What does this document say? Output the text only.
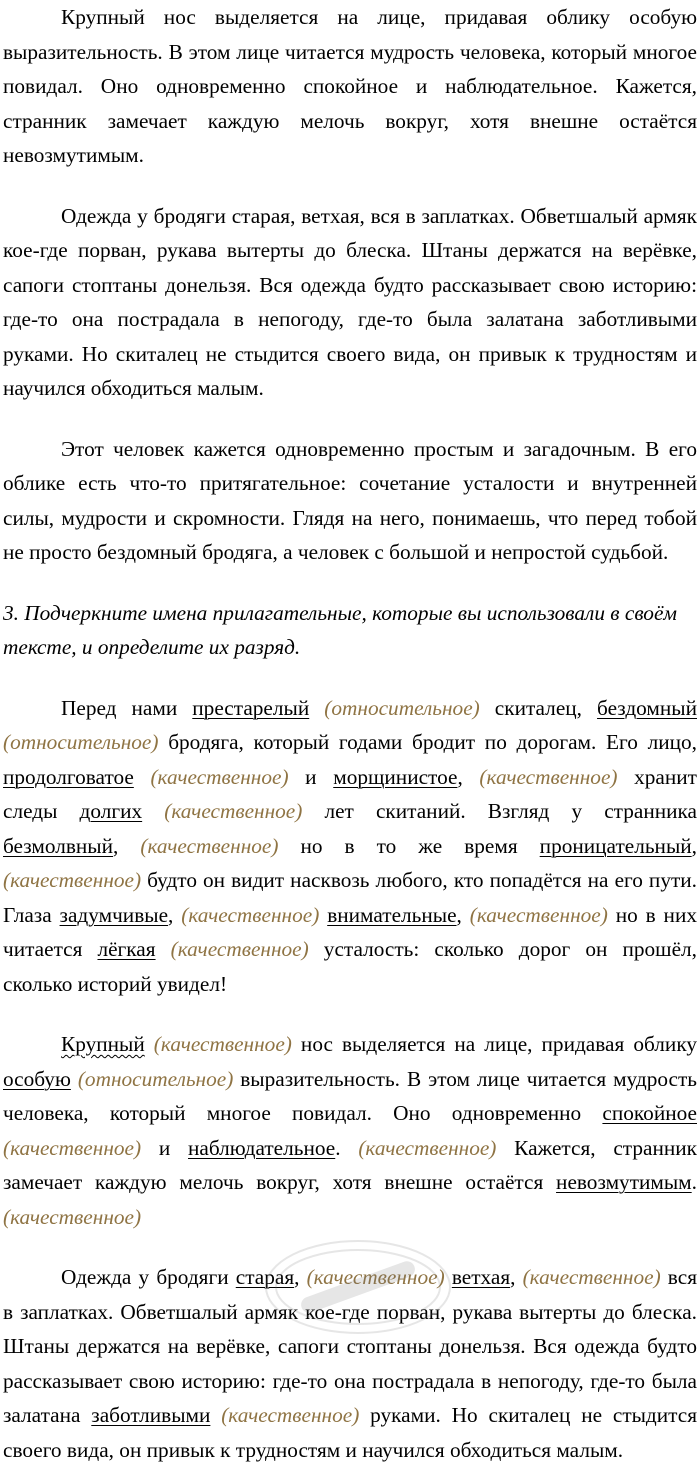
Крупный нос выделяется на лице, придавая облику особую выразительность. В этом лице читается мудрость человека, который многое повидал. Оно одновременно спокойное и наблюдательное. Кажется, странник замечает каждую мелочь вокруг, хотя внешне остаётся невозмутимым.

Одежда у бродяги старая, ветхая, вся в заплатках. Обветшалый армяк кое-где порван, рукава вытерты до блеска. Штаны держатся на верёвке, сапоги стоптаны донельзя. Вся одежда будто рассказывает свою историю: где-то она пострадала в непогоду, где-то была залатана заботливыми руками. Но скиталец не стыдится своего вида, он привык к трудностям и научился обходиться малым.

Этот человек кажется одновременно простым и загадочным. В его облике есть что-то притягательное: сочетание усталости и внутренней силы, мудрости и скромности. Глядя на него, понимаешь, что перед тобой не просто бездомный бродяга, а человек с большой и непростой судьбой.

3. Подчеркните имена прилагательные, которые вы использовали в своём тексте, и определите их разряд.

Перед нами престарелый (относительное) скиталец, бездомный (относительное) бродяга, который годами бродит по дорогам. Его лицо, продолговатое (качественное) и морщинистое, (качественное) хранит следы долгих (качественное) лет скитаний. Взгляд у странника безмолвный, (качественное) но в то же время проницательный, (качественное) будто он видит насквозь любого, кто попадётся на его пути. Глаза задумчивые, (качественное) внимательные, (качественное) но в них читается лёгкая (качественное) усталость: сколько дорог он прошёл, сколько историй увидел!

Крупный (качественное) нос выделяется на лице, придавая облику особую (относительное) выразительность. В этом лице читается мудрость человека, который многое повидал. Оно одновременно спокойное (качественное) и наблюдательное. (качественное) Кажется, странник замечает каждую мелочь вокруг, хотя внешне остаётся невозмутимым. (качественное)

Одежда у бродяги старая, (качественное) ветхая, (качественное) вся в заплатках. Обветшалый армяк кое-где порван, рукава вытерты до блеска. Штаны держатся на верёвке, сапоги стоптаны донельзя. Вся одежда будто рассказывает свою историю: где-то она пострадала в непогоду, где-то была залатана заботливыми (качественное) руками. Но скиталец не стыдится своего вида, он привык к трудностям и научился обходиться малым.
